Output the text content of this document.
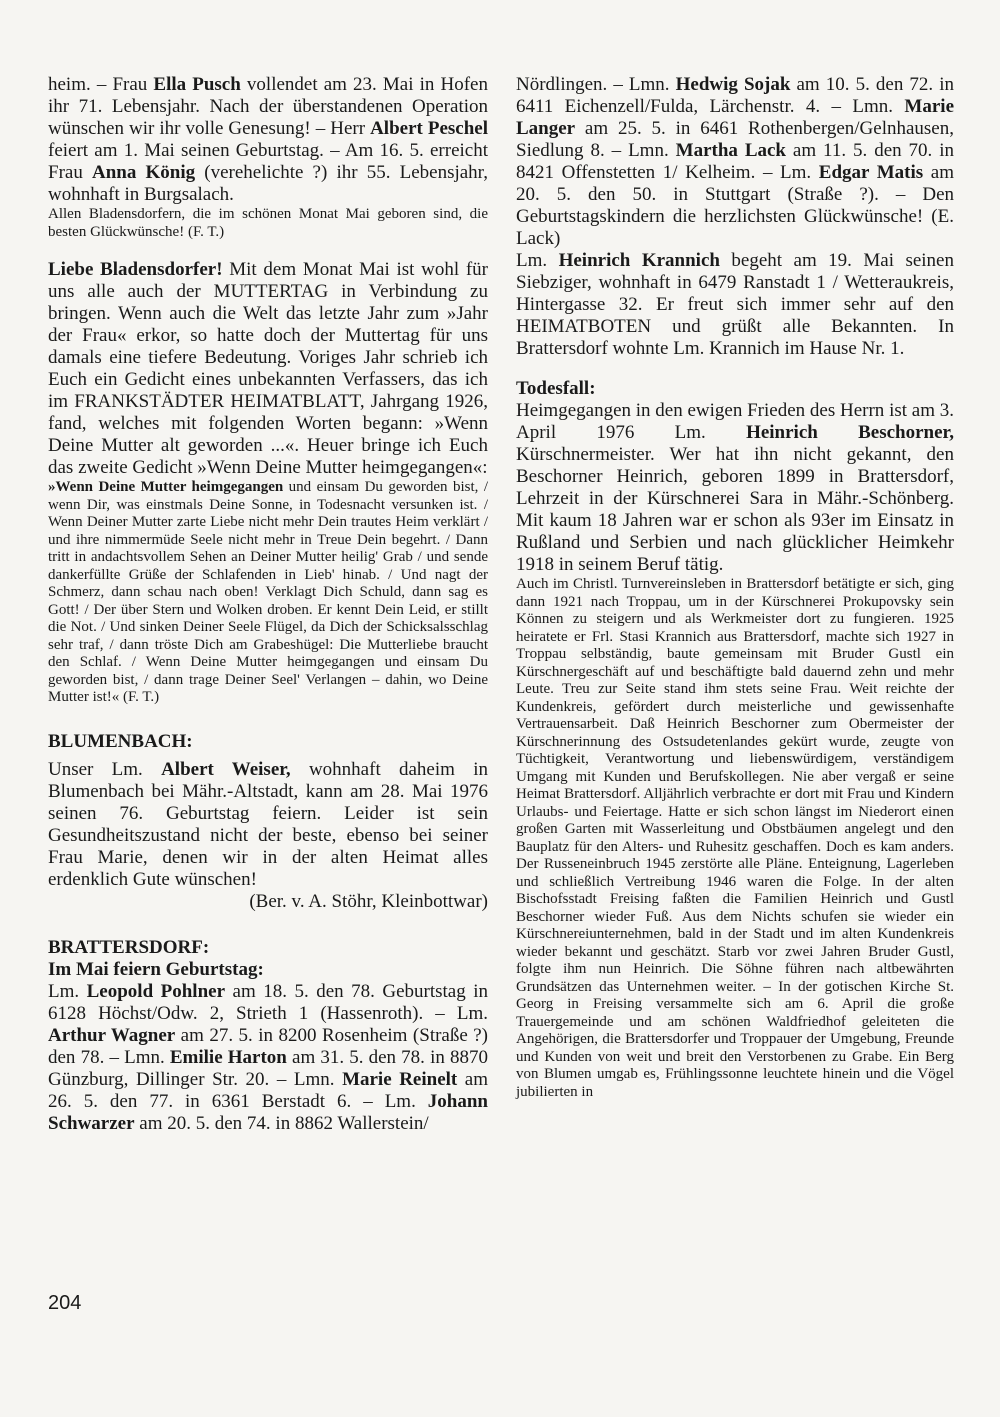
heim. – Frau Ella Pusch vollendet am 23. Mai in Hofen ihr 71. Lebensjahr. Nach der überstandenen Operation wünschen wir ihr volle Genesung! – Herr Albert Peschel feiert am 1. Mai seinen Geburtstag. – Am 16. 5. erreicht Frau Anna König (verehelichte ?) ihr 55. Lebensjahr, wohnhaft in Burgsalach.

Allen Bladensdorfern, die im schönen Monat Mai geboren sind, die besten Glückwünsche! (F. T.)

Liebe Bladensdorfer! Mit dem Monat Mai ist wohl für uns alle auch der MUTTERTAG in Verbindung zu bringen. Wenn auch die Welt das letzte Jahr zum »Jahr der Frau« erkor, so hatte doch der Muttertag für uns damals eine tiefere Bedeutung. Voriges Jahr schrieb ich Euch ein Gedicht eines unbekannten Verfassers, das ich im FRANKSTÄDTER HEIMATBLATT, Jahrgang 1926, fand, welches mit folgenden Worten begann: »Wenn Deine Mutter alt geworden ...«. Heuer bringe ich Euch das zweite Gedicht »Wenn Deine Mutter heimgegangen«:

»Wenn Deine Mutter heimgegangen und einsam Du geworden bist, / wenn Dir, was einstmals Deine Sonne, in Todesnacht versunken ist. / Wenn Deiner Mutter zarte Liebe nicht mehr Dein trautes Heim verklärt / und ihre nimmermüde Seele nicht mehr in Treue Dein begehrt. / Dann tritt in andachtsvollem Sehen an Deiner Mutter heilig' Grab / und sende dankerfüllte Grüße der Schlafenden in Lieb' hinab. / Und nagt der Schmerz, dann schau nach oben! Verklagt Dich Schuld, dann sag es Gott! / Der über Stern und Wolken droben. Er kennt Dein Leid, er stillt die Not. / Und sinken Deiner Seele Flügel, da Dich der Schicksalsschlag sehr traf, / dann tröste Dich am Grabeshügel: Die Mutterliebe braucht den Schlaf. / Wenn Deine Mutter heimgegangen und einsam Du geworden bist, / dann trage Deiner Seel' Verlangen – dahin, wo Deine Mutter ist!« (F. T.)

BLUMENBACH:

Unser Lm. Albert Weiser, wohnhaft daheim in Blumenbach bei Mähr.-Altstadt, kann am 28. Mai 1976 seinen 76. Geburtstag feiern. Leider ist sein Gesundheitszustand nicht der beste, ebenso bei seiner Frau Marie, denen wir in der alten Heimat alles erdenklich Gute wünschen!

(Ber. v. A. Stöhr, Kleinbottwar)

BRATTERSDORF:

Im Mai feiern Geburtstag:

Lm. Leopold Pohlner am 18. 5. den 78. Geburtstag in 6128 Höchst/Odw. 2, Strieth 1 (Hassenroth). – Lm. Arthur Wagner am 27. 5. in 8200 Rosenheim (Straße ?) den 78. – Lmn. Emilie Harton am 31. 5. den 78. in 8870 Günzburg, Dillinger Str. 20. – Lmn. Marie Reinelt am 26. 5. den 77. in 6361 Berstadt 6. – Lm. Johann Schwarzer am 20. 5. den 74. in 8862 Wallerstein/

Nördlingen. – Lmn. Hedwig Sojak am 10. 5. den 72. in 6411 Eichenzell/Fulda, Lärchenstr. 4. – Lmn. Marie Langer am 25. 5. in 6461 Rothenbergen/Gelnhausen, Siedlung 8. – Lmn. Martha Lack am 11. 5. den 70. in 8421 Offenstetten 1/ Kelheim. – Lm. Edgar Matis am 20. 5. den 50. in Stuttgart (Straße ?). – Den Geburtstagskindern die herzlichsten Glückwünsche! (E. Lack)

Lm. Heinrich Krannich begeht am 19. Mai seinen Siebziger, wohnhaft in 6479 Ranstadt 1 / Wetteraukreis, Hintergasse 32. Er freut sich immer sehr auf den HEIMATBOTEN und grüßt alle Bekannten. In Brattersdorf wohnte Lm. Krannich im Hause Nr. 1.

Todesfall:

Heimgegangen in den ewigen Frieden des Herrn ist am 3. April 1976 Lm. Heinrich Beschorner, Kürschnermeister. Wer hat ihn nicht gekannt, den Beschorner Heinrich, geboren 1899 in Brattersdorf, Lehrzeit in der Kürschnerei Sara in Mähr.-Schönberg. Mit kaum 18 Jahren war er schon als 93er im Einsatz in Rußland und Serbien und nach glücklicher Heimkehr 1918 in seinem Beruf tätig.

Auch im Christl. Turnvereinsleben in Brattersdorf betätigte er sich, ging dann 1921 nach Troppau, um in der Kürschnerei Prokupovsky sein Können zu steigern und als Werkmeister dort zu fungieren. 1925 heiratete er Frl. Stasi Krannich aus Brattersdorf, machte sich 1927 in Troppau selbständig, baute gemeinsam mit Bruder Gustl ein Kürschnergeschäft auf und beschäftigte bald dauernd zehn und mehr Leute. Treu zur Seite stand ihm stets seine Frau. Weit reichte der Kundenkreis, gefördert durch meisterliche und gewissenhafte Vertrauensarbeit. Daß Heinrich Beschorner zum Obermeister der Kürschnerinnung des Ostsudetenlandes gekürt wurde, zeugte von Tüchtigkeit, Verantwortung und liebenswürdigem, verständigem Umgang mit Kunden und Berufskollegen. Nie aber vergaß er seine Heimat Brattersdorf. Alljährlich verbrachte er dort mit Frau und Kindern Urlaubs- und Feiertage. Hatte er sich schon längst im Niederort einen großen Garten mit Wasserleitung und Obstbäumen angelegt und den Bauplatz für den Alters- und Ruhesitz geschaffen. Doch es kam anders. Der Russeneinbruch 1945 zerstörte alle Pläne. Enteignung, Lagerleben und schließlich Vertreibung 1946 waren die Folge. In der alten Bischofsstadt Freising faßten die Familien Heinrich und Gustl Beschorner wieder Fuß. Aus dem Nichts schufen sie wieder ein Kürschnereiunternehmen, bald in der Stadt und im alten Kundenkreis wieder bekannt und geschätzt. Starb vor zwei Jahren Bruder Gustl, folgte ihm nun Heinrich. Die Söhne führen nach altbewährten Grundsätzen das Unternehmen weiter. – In der gotischen Kirche St. Georg in Freising versammelte sich am 6. April die große Trauergemeinde und am schönen Waldfriedhof geleiteten die Angehörigen, die Brattersdorfer und Troppauer der Umgebung, Freunde und Kunden von weit und breit den Verstorbenen zu Grabe. Ein Berg von Blumen umgab es, Frühlingssonne leuchtete hinein und die Vögel jubilierten in

204
